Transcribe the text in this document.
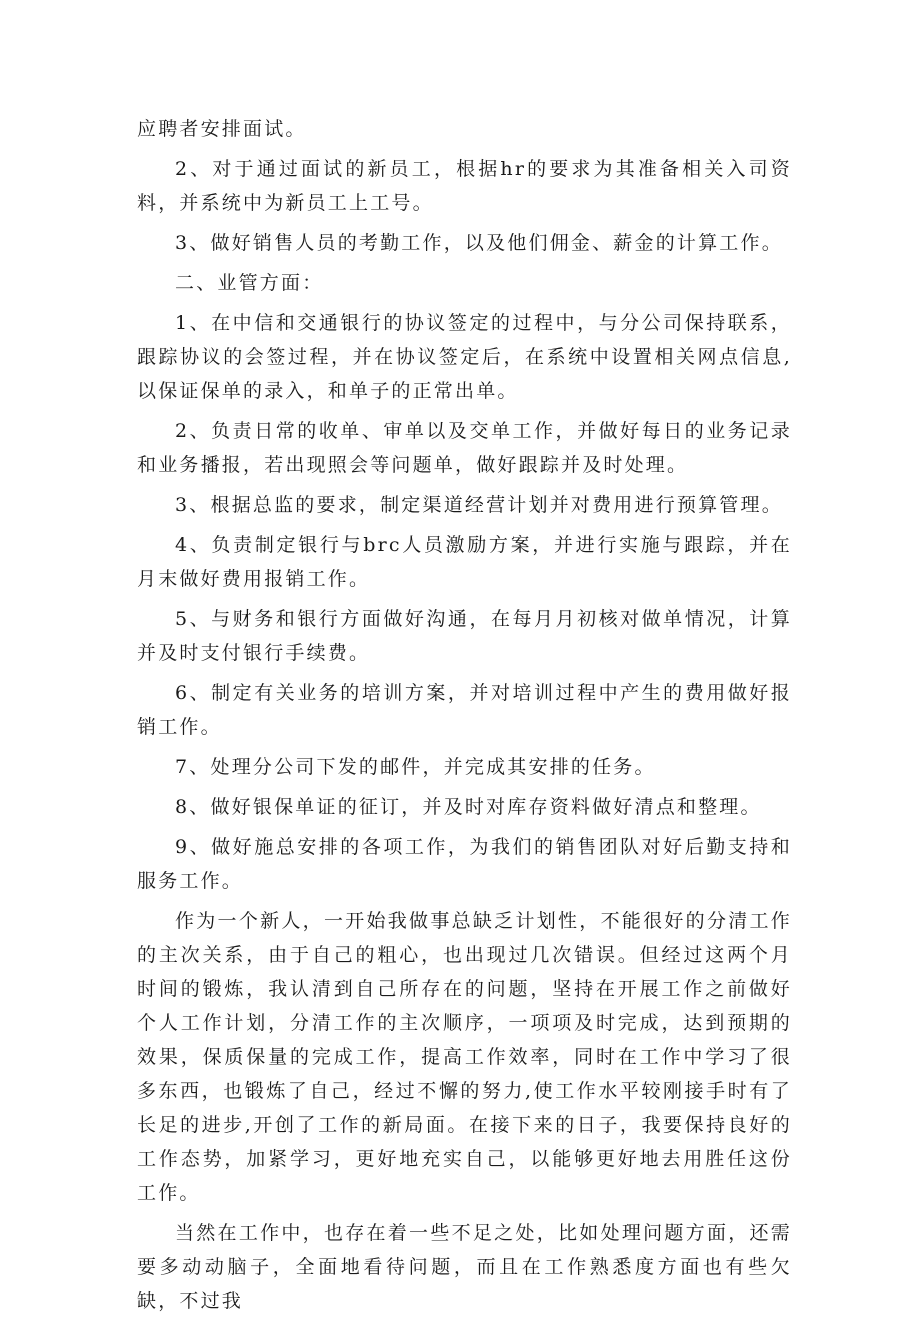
应聘者安排面试。

2、对于通过面试的新员工，根据hr的要求为其准备相关入司资料，并系统中为新员工上工号。

3、做好销售人员的考勤工作，以及他们佣金、薪金的计算工作。

二、业管方面：

1、在中信和交通银行的协议签定的过程中，与分公司保持联系，跟踪协议的会签过程，并在协议签定后，在系统中设置相关网点信息,以保证保单的录入，和单子的正常出单。

2、负责日常的收单、审单以及交单工作，并做好每日的业务记录和业务播报，若出现照会等问题单，做好跟踪并及时处理。

3、根据总监的要求，制定渠道经营计划并对费用进行预算管理。

4、负责制定银行与brc人员激励方案，并进行实施与跟踪，并在月末做好费用报销工作。

5、与财务和银行方面做好沟通，在每月月初核对做单情况，计算并及时支付银行手续费。

6、制定有关业务的培训方案，并对培训过程中产生的费用做好报销工作。

7、处理分公司下发的邮件，并完成其安排的任务。

8、做好银保单证的征订，并及时对库存资料做好清点和整理。

9、做好施总安排的各项工作，为我们的销售团队对好后勤支持和服务工作。

作为一个新人，一开始我做事总缺乏计划性，不能很好的分清工作的主次关系，由于自己的粗心，也出现过几次错误。但经过这两个月时间的锻炼，我认清到自己所存在的问题，坚持在开展工作之前做好个人工作计划，分清工作的主次顺序，一项项及时完成，达到预期的效果，保质保量的完成工作，提高工作效率，同时在工作中学习了很多东西，也锻炼了自己，经过不懈的努力,使工作水平较刚接手时有了长足的进步,开创了工作的新局面。在接下来的日子，我要保持良好的工作态势，加紧学习，更好地充实自己，以能够更好地去用胜任这份工作。

当然在工作中，也存在着一些不足之处，比如处理问题方面，还需要多动动脑子，全面地看待问题，而且在工作熟悉度方面也有些欠缺，不过我
